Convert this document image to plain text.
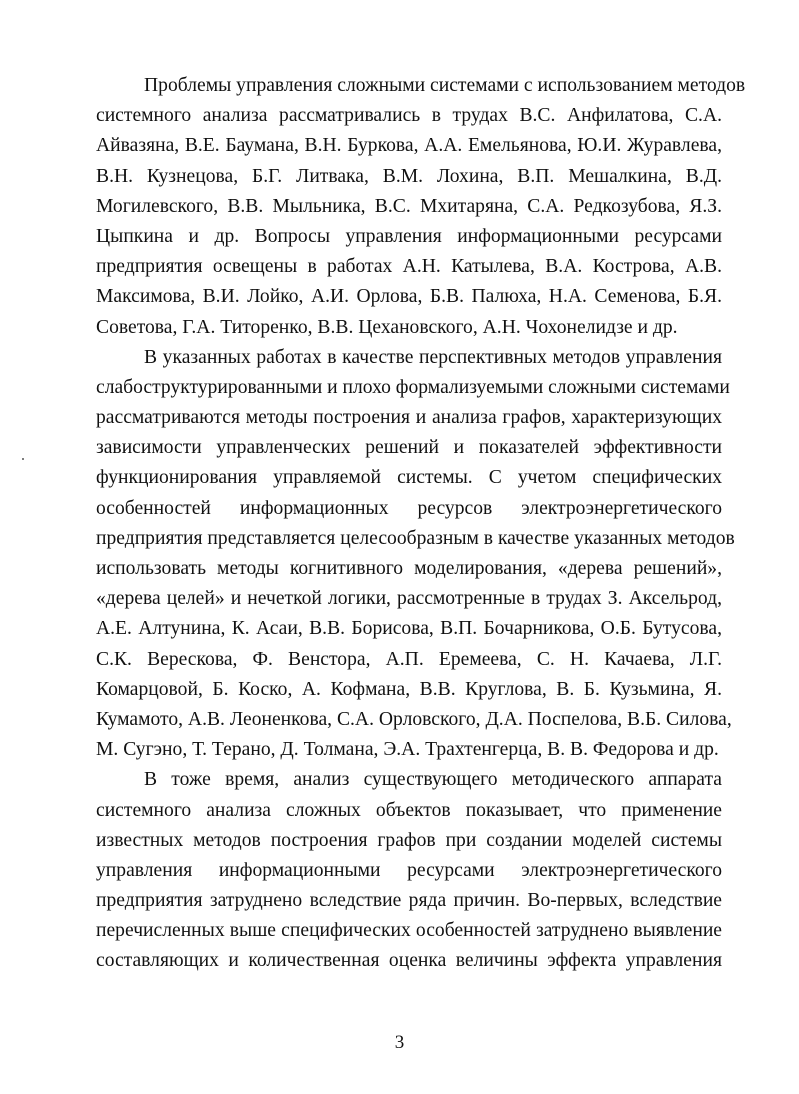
Проблемы управления сложными системами с использованием методов
системного анализа рассматривались в трудах В.С. Анфилатова, С.А.
Айвазяна, В.Е. Баумана, В.Н. Буркова, А.А. Емельянова, Ю.И. Журавлева,
В.Н. Кузнецова, Б.Г. Литвака, В.М. Лохина, В.П. Мешалкина, В.Д.
Могилевского, В.В. Мыльника, В.С. Мхитаряна, С.А. Редкозубова, Я.З.
Цыпкина и др. Вопросы управления информационными ресурсами
предприятия освещены в работах А.Н. Катылева, В.А. Кострова, А.В.
Максимова, В.И. Лойко, А.И. Орлова, Б.В. Палюха, Н.А. Семенова, Б.Я.
Советова, Г.А. Титоренко, В.В. Цехановского, А.Н. Чохонелидзе и др.
В указанных работах в качестве перспективных методов управления
слабоструктурированными и плохо формализуемыми сложными системами
рассматриваются методы построения и анализа графов, характеризующих
зависимости управленческих решений и показателей эффективности
функционирования управляемой системы. С учетом специфических
особенностей информационных ресурсов электроэнергетического
предприятия представляется целесообразным в качестве указанных методов
использовать методы когнитивного моделирования, «дерева решений»,
«дерева целей» и нечеткой логики, рассмотренные в трудах З. Аксельрод,
А.Е. Алтунина, К. Асаи, В.В. Борисова, В.П. Бочарникова, О.Б. Бутусова,
С.К. Верескова, Ф. Венстора, А.П. Еремеева, С. Н. Качаева, Л.Г.
Комарцовой, Б. Коско, А. Кофмана, В.В. Круглова, В. Б. Кузьмина, Я.
Кумамото, А.В. Леоненкова, С.А. Орловского, Д.А. Поспелова, В.Б. Силова,
М. Сугэно, Т. Терано, Д. Толмана, Э.А. Трахтенгерца, В. В. Федорова и др.
В тоже время, анализ существующего методического аппарата
системного анализа сложных объектов показывает, что применение
известных методов построения графов при создании моделей системы
управления информационными ресурсами электроэнергетического
предприятия затруднено вследствие ряда причин. Во-первых, вследствие
перечисленных выше специфических особенностей затруднено выявление
составляющих и количественная оценка величины эффекта управления
3
